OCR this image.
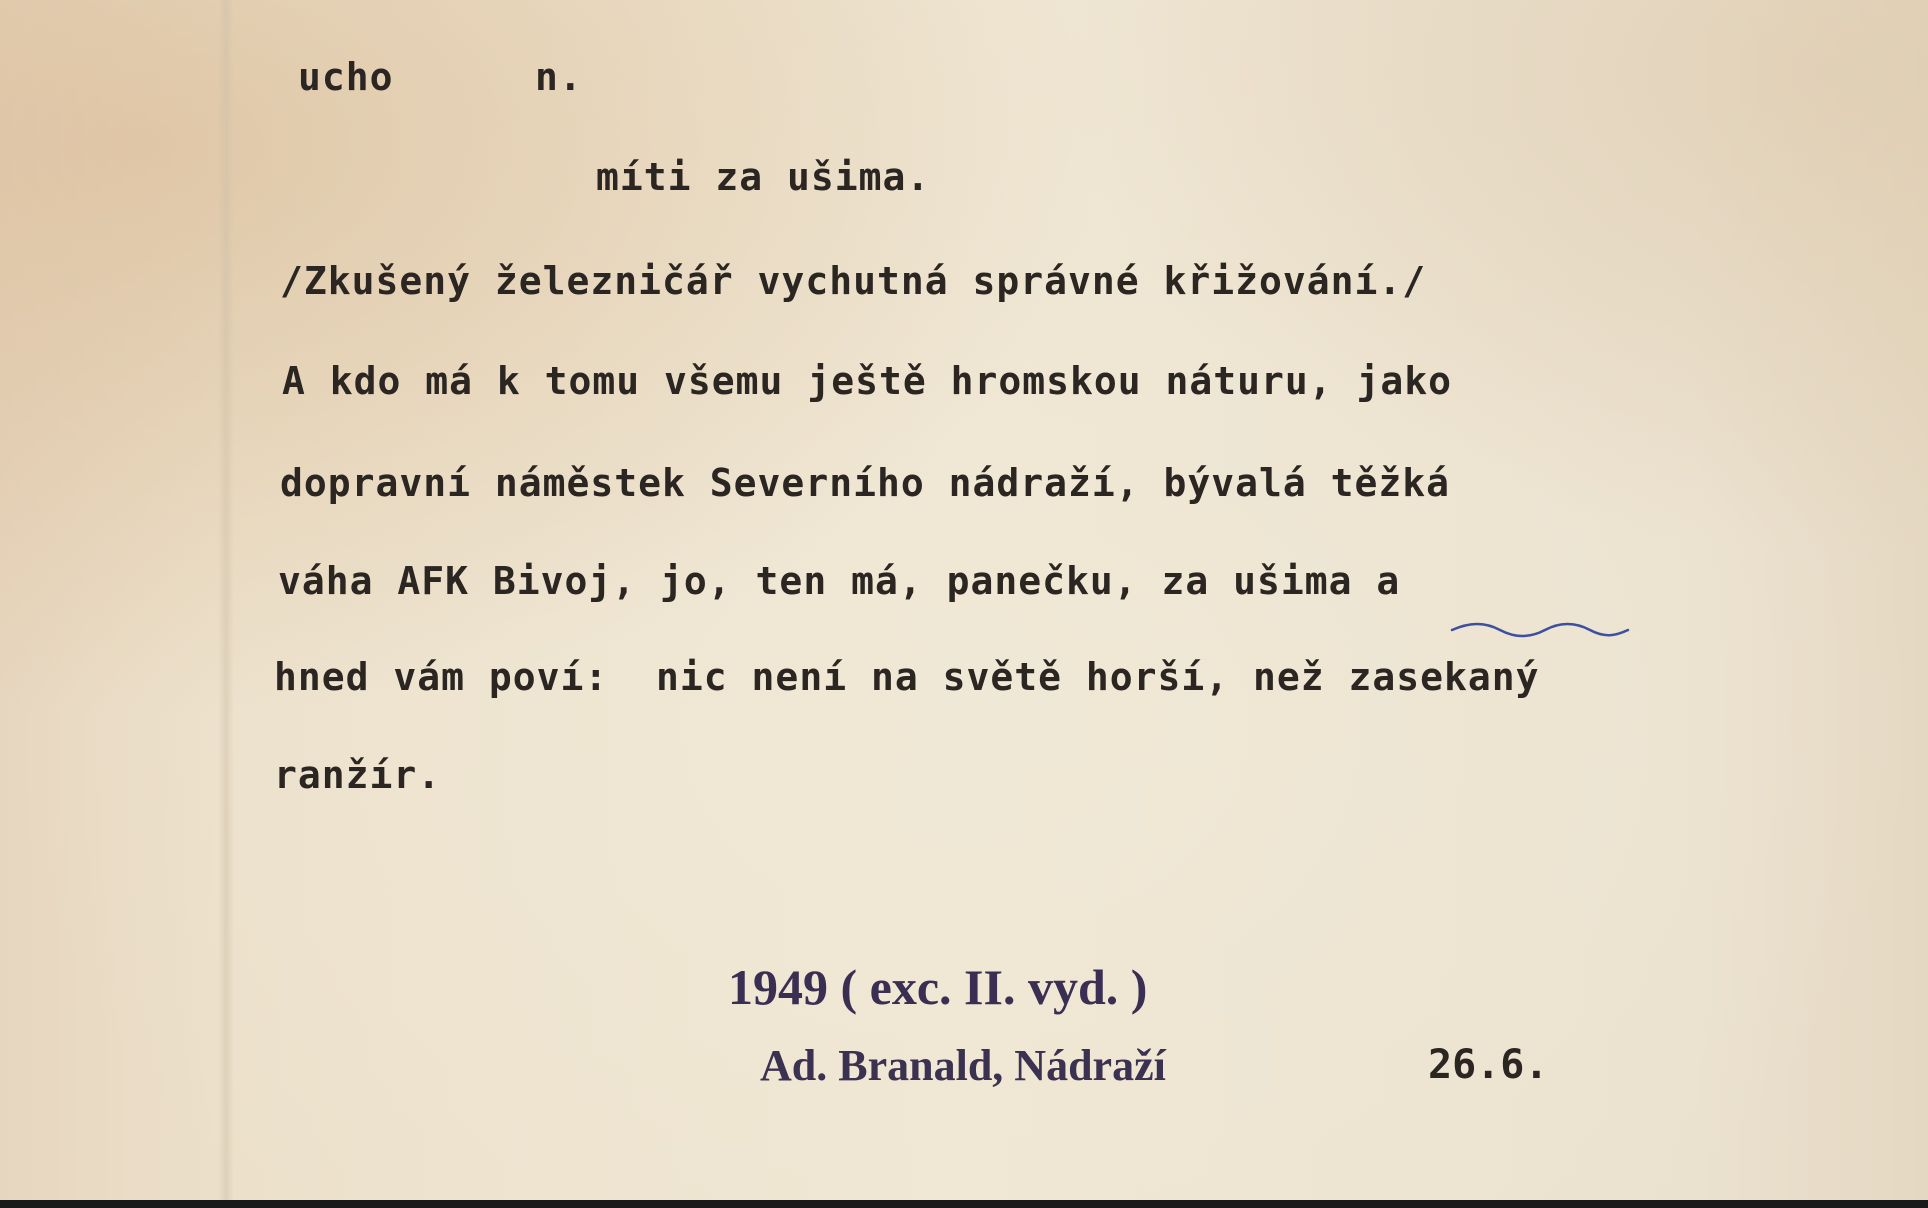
ucho	n.
míti za ušima.
/Zkušený železničář vychutná správné křižování./
A kdo má k tomu všemu ještě hromskou náturu, jako
dopravní náměstek Severního nádraží, bývalá těžká
váha AFK Bivoj, jo, ten má, panečku, za ušima a
hned vám poví:  nic není na světě horší, než zasekaný
ranžír.
1949 ( exc. II. vyd. )
Ad. Branald, Nádraží	26.6.
